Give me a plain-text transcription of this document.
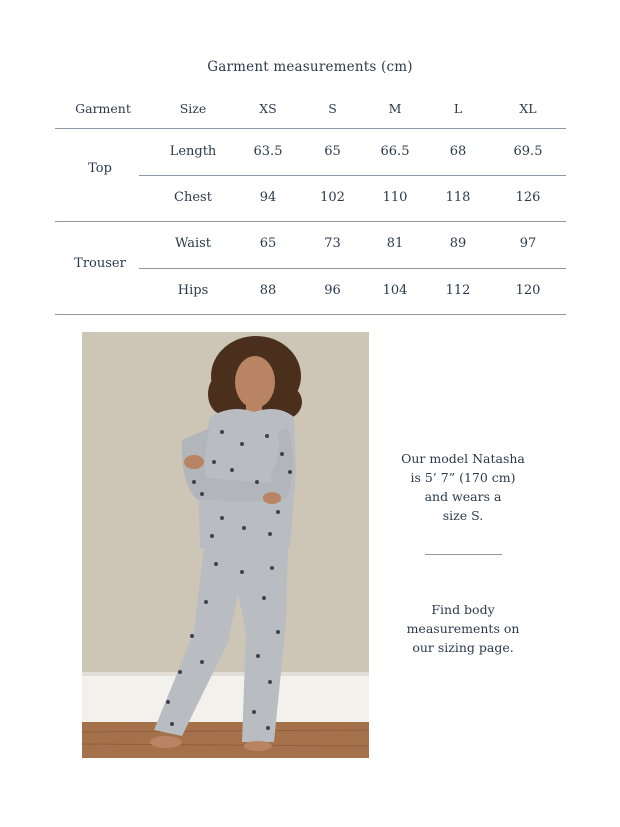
Garment measurements (cm)
Garment	Size	XS	S	M	L	XL
Top
Length	63.5	65	66.5	68	69.5
Chest	94	102	110	118	126
Trouser
Waist	65	73	81	89	97
Hips	88	96	104	112	120
Our model Natasha
is 5’ 7” (170 cm)
and wears a
size S.
Find body
measurements on
our sizing page.
